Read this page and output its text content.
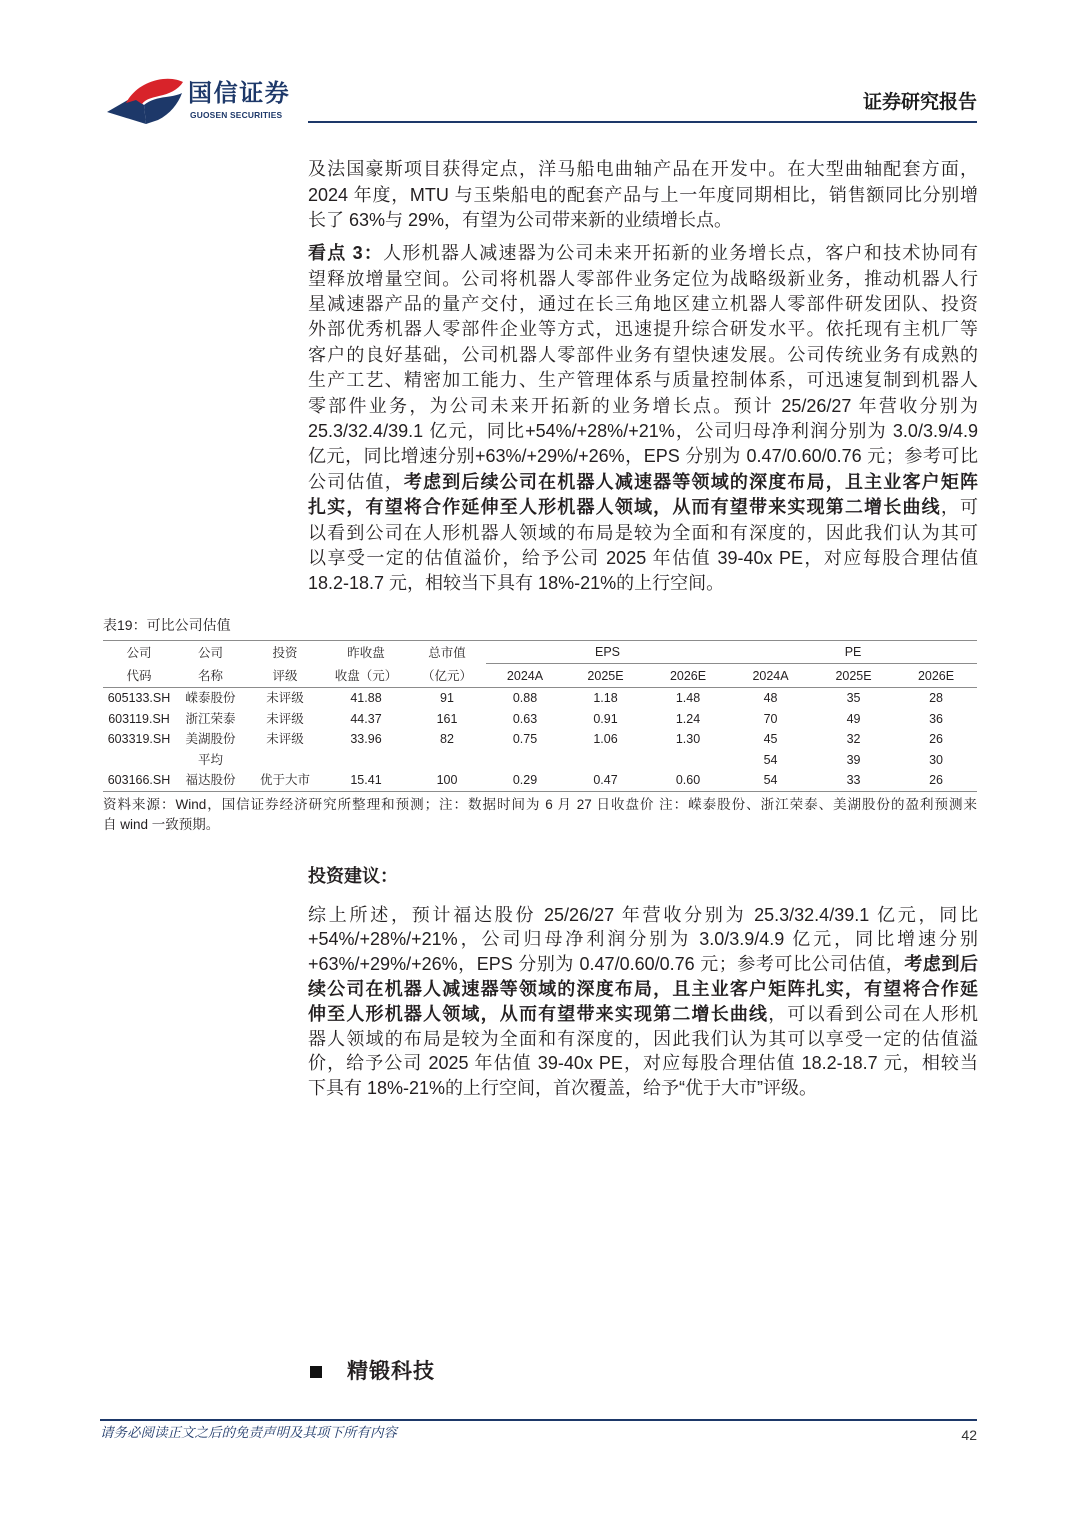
国信证券
GUOSEN SECURITIES
证券研究报告
及法国豪斯项目获得定点，洋马船电曲轴产品在开发中。在大型曲轴配套方面，
2024 年度，MTU 与玉柴船电的配套产品与上一年度同期相比，销售额同比分别增
长了 63%与 29%，有望为公司带来新的业绩增长点。
看点 3：人形机器人减速器为公司未来开拓新的业务增长点，客户和技术协同有
望释放增量空间。公司将机器人零部件业务定位为战略级新业务，推动机器人行
星减速器产品的量产交付，通过在长三角地区建立机器人零部件研发团队、投资
外部优秀机器人零部件企业等方式，迅速提升综合研发水平。依托现有主机厂等
客户的良好基础，公司机器人零部件业务有望快速发展。公司传统业务有成熟的
生产工艺、精密加工能力、生产管理体系与质量控制体系，可迅速复制到机器人
零部件业务，为公司未来开拓新的业务增长点。预计 25/26/27 年营收分别为
25.3/32.4/39.1 亿元，同比+54%/+28%/+21%，公司归母净利润分别为 3.0/3.9/4.9
亿元，同比增速分别+63%/+29%/+26%，EPS 分别为 0.47/0.60/0.76 元；参考可比
公司估值，考虑到后续公司在机器人减速器等领域的深度布局，且主业客户矩阵
扎实，有望将合作延伸至人形机器人领域，从而有望带来实现第二增长曲线，可
以看到公司在人形机器人领域的布局是较为全面和有深度的，因此我们认为其可
以享受一定的估值溢价，给予公司 2025 年估值 39-40x PE，对应每股合理估值
18.2-18.7 元，相较当下具有 18%-21%的上行空间。
表19：可比公司估值
公司	公司	投资	昨收盘	总市值	EPS			PE		
代码	名称	评级	收盘（元）	（亿元）	2024A	2025E	2026E	2024A	2025E	2026E
605133.SH	嵘泰股份	未评级	41.88	91	0.88	1.18	1.48	48	35	28
603119.SH	浙江荣泰	未评级	44.37	161	0.63	0.91	1.24	70	49	36
603319.SH	美湖股份	未评级	33.96	82	0.75	1.06	1.30	45	32	26
	平均							54	39	30
603166.SH	福达股份	优于大市	15.41	100	0.29	0.47	0.60	54	33	26
资料来源：Wind，国信证券经济研究所整理和预测；注：数据时间为 6 月 27 日收盘价 注：嵘泰股份、浙江荣泰、美湖股份的盈利预测来
自 wind 一致预期。
投资建议：
综上所述，预计福达股份 25/26/27 年营收分别为 25.3/32.4/39.1 亿元，同比
+54%/+28%/+21%，公司归母净利润分别为 3.0/3.9/4.9 亿元，同比增速分别
+63%/+29%/+26%，EPS 分别为 0.47/0.60/0.76 元；参考可比公司估值，考虑到后
续公司在机器人减速器等领域的深度布局，且主业客户矩阵扎实，有望将合作延
伸至人形机器人领域，从而有望带来实现第二增长曲线，可以看到公司在人形机
器人领域的布局是较为全面和有深度的，因此我们认为其可以享受一定的估值溢
价，给予公司 2025 年估值 39-40x PE，对应每股合理估值 18.2-18.7 元，相较当
下具有 18%-21%的上行空间，首次覆盖，给予“优于大市”评级。
精锻科技
请务必阅读正文之后的免责声明及其项下所有内容	42
